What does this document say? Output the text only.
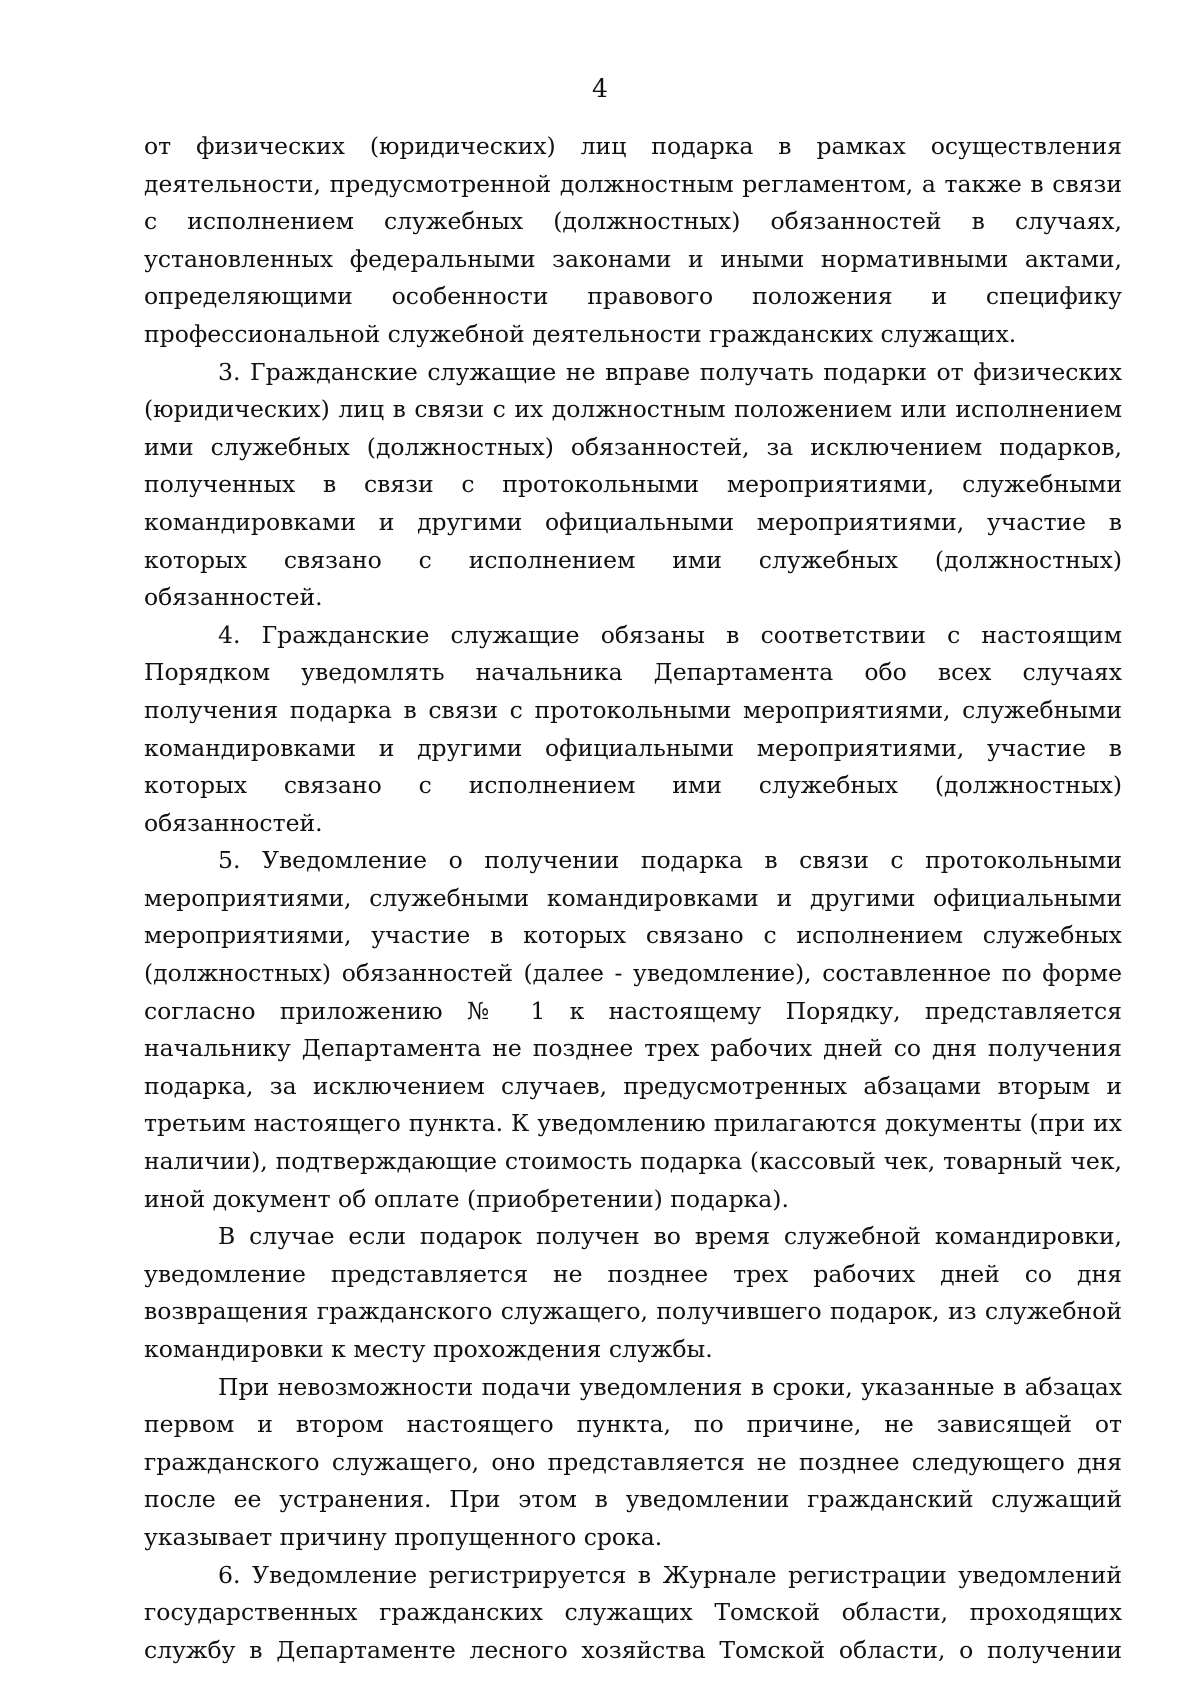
4

от физических (юридических) лиц подарка в рамках осуществления деятельности, предусмотренной должностным регламентом, а также в связи с исполнением служебных (должностных) обязанностей в случаях, установленных федеральными законами и иными нормативными актами, определяющими особенности правового положения и специфику профессиональной служебной деятельности гражданских служащих.

3. Гражданские служащие не вправе получать подарки от физических (юридических) лиц в связи с их должностным положением или исполнением ими служебных (должностных) обязанностей, за исключением подарков, полученных в связи с протокольными мероприятиями, служебными командировками и другими официальными мероприятиями, участие в которых связано с исполнением ими служебных (должностных) обязанностей.

4. Гражданские служащие обязаны в соответствии с настоящим Порядком уведомлять начальника Департамента обо всех случаях получения подарка в связи с протокольными мероприятиями, служебными командировками и другими официальными мероприятиями, участие в которых связано с исполнением ими служебных (должностных) обязанностей.

5. Уведомление о получении подарка в связи с протокольными мероприятиями, служебными командировками и другими официальными мероприятиями, участие в которых связано с исполнением служебных (должностных) обязанностей (далее - уведомление), составленное по форме согласно приложению № 1 к настоящему Порядку, представляется начальнику Департамента не позднее трех рабочих дней со дня получения подарка, за исключением случаев, предусмотренных абзацами вторым и третьим настоящего пункта. К уведомлению прилагаются документы (при их наличии), подтверждающие стоимость подарка (кассовый чек, товарный чек, иной документ об оплате (приобретении) подарка).

В случае если подарок получен во время служебной командировки, уведомление представляется не позднее трех рабочих дней со дня возвращения гражданского служащего, получившего подарок, из служебной командировки к месту прохождения службы.

При невозможности подачи уведомления в сроки, указанные в абзацах первом и втором настоящего пункта, по причине, не зависящей от гражданского служащего, оно представляется не позднее следующего дня после ее устранения. При этом в уведомлении гражданский служащий указывает причину пропущенного срока.

6. Уведомление регистрируется в Журнале регистрации уведомлений государственных гражданских служащих Томской области, проходящих службу в Департаменте лесного хозяйства Томской области, о получении
